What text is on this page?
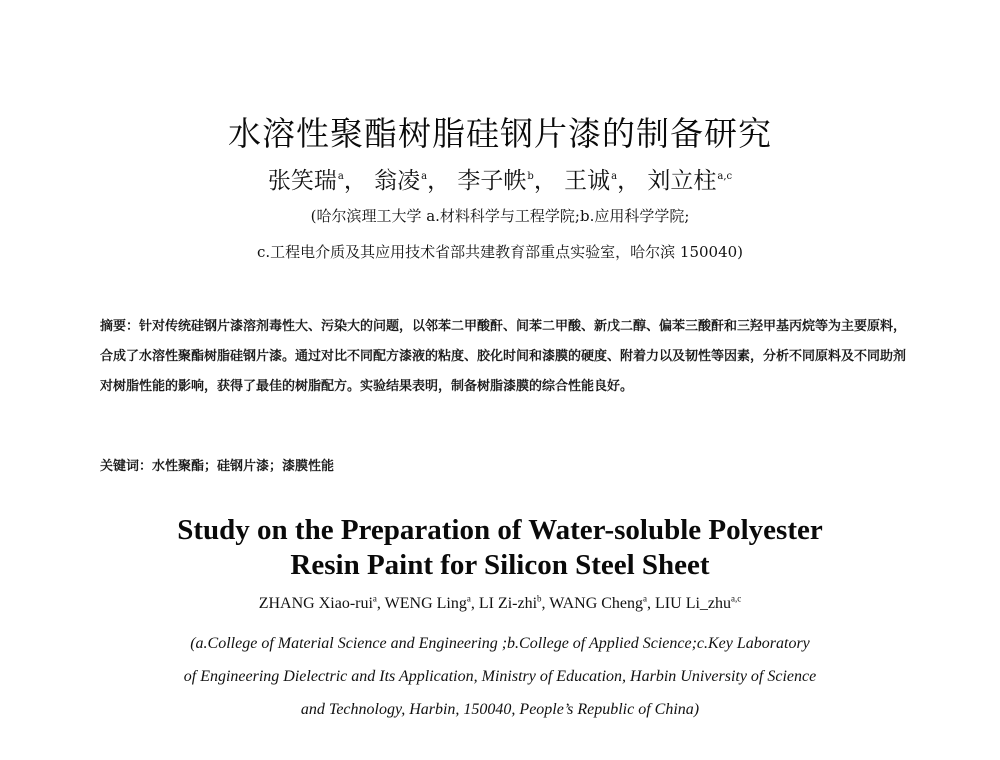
水溶性聚酯树脂硅钢片漆的制备研究
张笑瑞$^a$， 翁凌$^a$， 李子帙$^b$， 王诚$^a$， 刘立柱$^{a,c}$
(哈尔滨理工大学 a.材料科学与工程学院;b.应用科学学院;
c.工程电介质及其应用技术省部共建教育部重点实验室，哈尔滨 150040)
摘要：针对传统硅钢片漆溶剂毒性大、污染大的问题，以邻苯二甲酸酐、间苯二甲酸、新戊二醇、偏苯三酸酐和三羟甲基丙烷等为主要原料，合成了水溶性聚酯树脂硅钢片漆。通过对比不同配方漆液的粘度、胶化时间和漆膜的硬度、附着力以及韧性等因素，分析不同原料及不同助剂对树脂性能的影响，获得了最佳的树脂配方。实验结果表明，制备树脂漆膜的综合性能良好。
关键词：水性聚酯；硅钢片漆；漆膜性能
Study on the Preparation of Water-soluble Polyester
Resin Paint for Silicon Steel Sheet
ZHANG Xiao-rui$^a$, WENG Ling$^a$, LI Zi-zhi$^b$, WANG Cheng$^a$, LIU Li_zhu$^{a,c}$
(a.College of Material Science and Engineering ;b.College of Applied Science;c.Key Laboratory
of Engineering Dielectric and Its Application, Ministry of Education, Harbin University of Science
and Technology, Harbin, 150040, People’s Republic of China)
